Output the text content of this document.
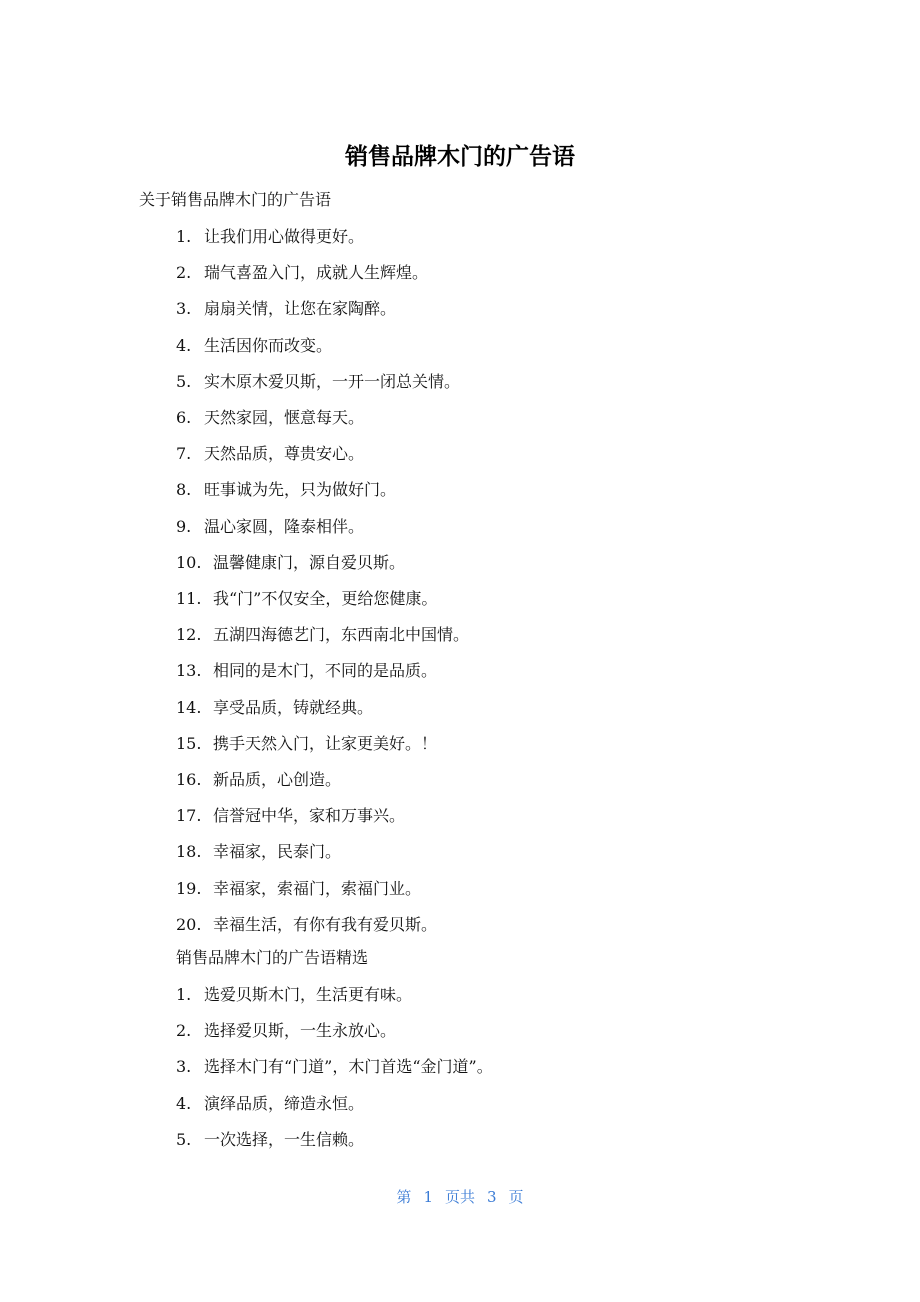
销售品牌木门的广告语
关于销售品牌木门的广告语
1. 让我们用心做得更好。
2. 瑞气喜盈入门，成就人生辉煌。
3. 扇扇关情，让您在家陶醉。
4. 生活因你而改变。
5. 实木原木爱贝斯，一开一闭总关情。
6. 天然家园，惬意每天。
7. 天然品质，尊贵安心。
8. 旺事诚为先，只为做好门。
9. 温心家圆，隆泰相伴。
10. 温馨健康门，源自爱贝斯。
11. 我“门”不仅安全，更给您健康。
12. 五湖四海德艺门，东西南北中国情。
13. 相同的是木门，不同的是品质。
14. 享受品质，铸就经典。
15. 携手天然入门，让家更美好。！
16. 新品质，心创造。
17. 信誉冠中华，家和万事兴。
18. 幸福家，民泰门。
19. 幸福家，索福门，索福门业。
20. 幸福生活，有你有我有爱贝斯。
销售品牌木门的广告语精选
1. 选爱贝斯木门，生活更有味。
2. 选择爱贝斯，一生永放心。
3. 选择木门有“门道”，木门首选“金门道”。
4. 演绎品质，缔造永恒。
5. 一次选择，一生信赖。
第 1 页共 3 页
